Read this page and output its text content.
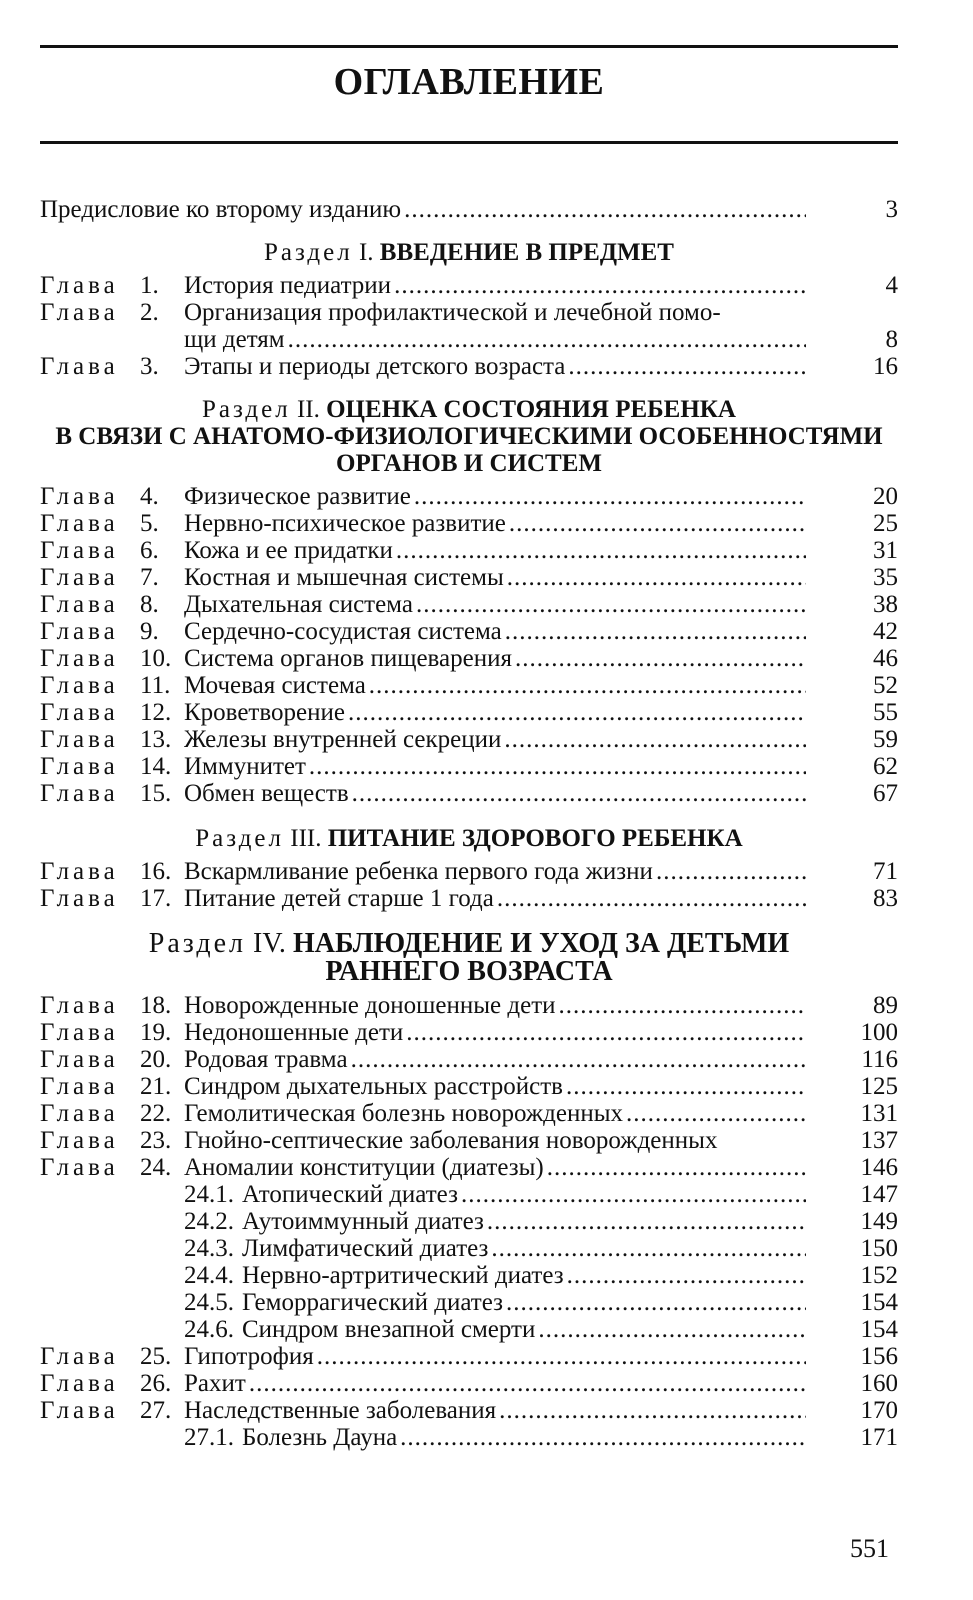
ОГЛАВЛЕНИЕ
Предисловие ко второму изданию .....	3
Раздел I. ВВЕДЕНИЕ В ПРЕДМЕТ
Глава 1.	История педиатрии .....	4
Глава 2.	Организация профилактической и лечебной помо-
щи детям .....	8
Глава 3.	Этапы и периоды детского возраста .....	16
Раздел II. ОЦЕНКА СОСТОЯНИЯ РЕБЕНКА
В СВЯЗИ С АНАТОМО-ФИЗИОЛОГИЧЕСКИМИ ОСОБЕННОСТЯМИ
ОРГАНОВ И СИСТЕМ
Глава 4.	Физическое развитие .....	20
Глава 5.	Нервно-психическое развитие .....	25
Глава 6.	Кожа и ее придатки .....	31
Глава 7.	Костная и мышечная системы .....	35
Глава 8.	Дыхательная система .....	38
Глава 9.	Сердечно-сосудистая система .....	42
Глава 10. Система органов пищеварения .....	46
Глава 11. Мочевая система .....	52
Глава 12. Кроветворение .....	55
Глава 13. Железы внутренней секреции .....	59
Глава 14. Иммунитет .....	62
Глава 15. Обмен веществ .....	67
Раздел III. ПИТАНИЕ ЗДОРОВОГО РЕБЕНКА
Глава 16. Вскармливание ребенка первого года жизни .....	71
Глава 17. Питание детей старше 1 года .....	83
Раздел IV. НАБЛЮДЕНИЕ И УХОД ЗА ДЕТЬМИ
РАННЕГО ВОЗРАСТА
Глава 18. Новорожденные доношенные дети .....	89
Глава 19. Недоношенные дети .....	100
Глава 20. Родовая травма .....	116
Глава 21. Синдром дыхательных расстройств .....	125
Глава 22. Гемолитическая болезнь новорожденных .....	131
Глава 23. Гнойно-септические заболевания новорожденных	137
Глава 24. Аномалии конституции (диатезы) .....	146
24.1. Атопический диатез .....	147
24.2. Аутоиммунный диатез .....	149
24.3. Лимфатический диатез .....	150
24.4. Нервно-артритический диатез .....	152
24.5. Геморрагический диатез .....	154
24.6. Синдром внезапной смерти .....	154
Глава 25. Гипотрофия .....	156
Глава 26. Рахит .....	160
Глава 27. Наследственные заболевания .....	170
27.1. Болезнь Дауна .....	171
551
